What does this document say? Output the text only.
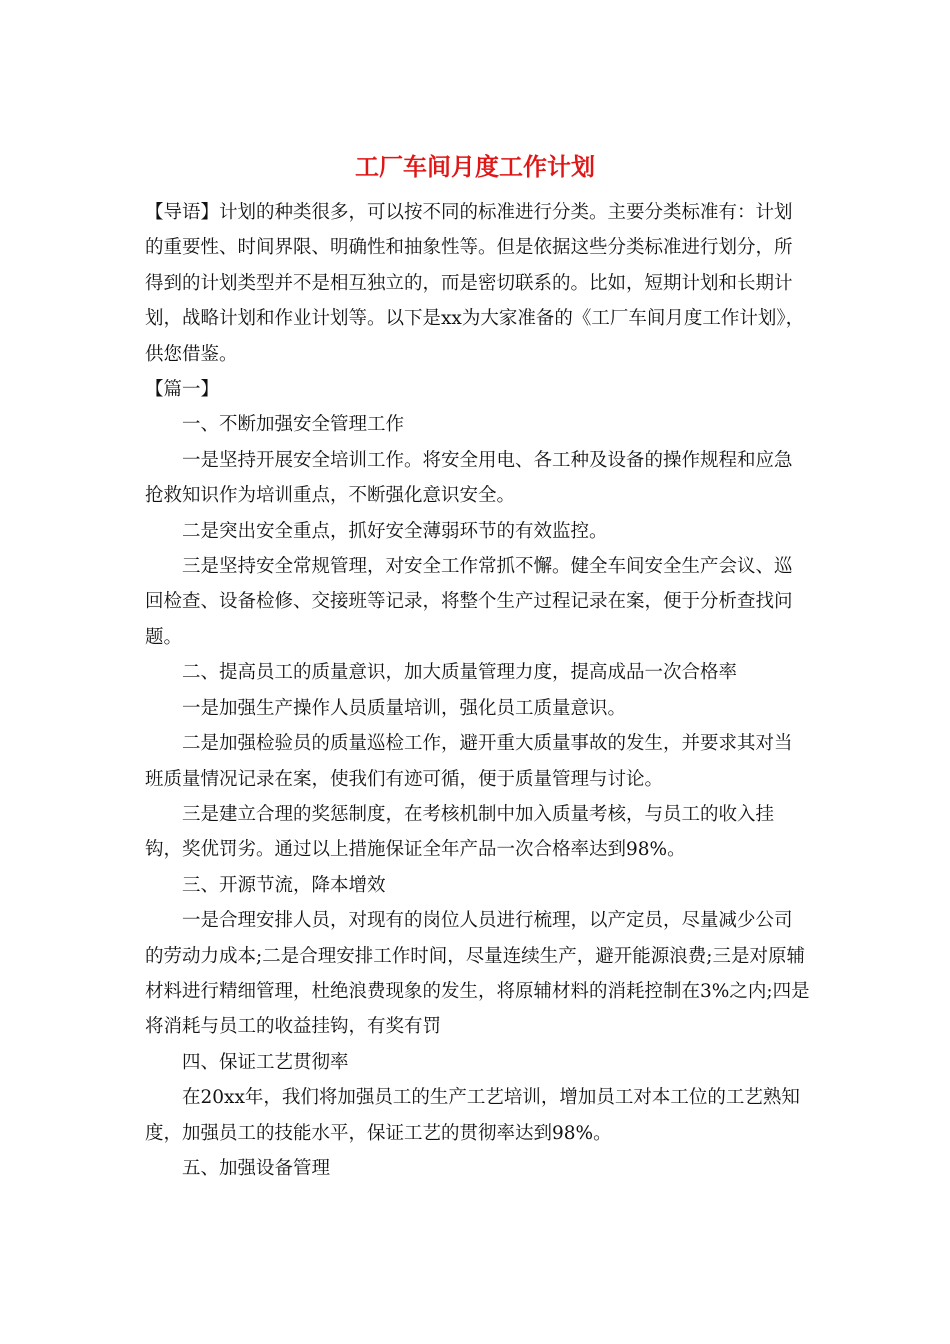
工厂车间月度工作计划

【导语】计划的种类很多，可以按不同的标准进行分类。主要分类标准有：计划的重要性、时间界限、明确性和抽象性等。但是依据这些分类标准进行划分，所得到的计划类型并不是相互独立的，而是密切联系的。比如，短期计划和长期计划，战略计划和作业计划等。以下是xx为大家准备的《工厂车间月度工作计划》，供您借鉴。

【篇一】

一、不断加强安全管理工作

一是坚持开展安全培训工作。将安全用电、各工种及设备的操作规程和应急抢救知识作为培训重点，不断强化意识安全。

二是突出安全重点，抓好安全薄弱环节的有效监控。

三是坚持安全常规管理，对安全工作常抓不懈。健全车间安全生产会议、巡回检查、设备检修、交接班等记录，将整个生产过程记录在案，便于分析查找问题。

二、提高员工的质量意识，加大质量管理力度，提高成品一次合格率

一是加强生产操作人员质量培训，强化员工质量意识。

二是加强检验员的质量巡检工作，避开重大质量事故的发生，并要求其对当班质量情况记录在案，使我们有迹可循，便于质量管理与讨论。

三是建立合理的奖惩制度，在考核机制中加入质量考核，与员工的收入挂钩，奖优罚劣。通过以上措施保证全年产品一次合格率达到98%。

三、开源节流，降本增效

一是合理安排人员，对现有的岗位人员进行梳理，以产定员，尽量减少公司的劳动力成本;二是合理安排工作时间，尽量连续生产，避开能源浪费;三是对原辅材料进行精细管理，杜绝浪费现象的发生，将原辅材料的消耗控制在3%之内;四是将消耗与员工的收益挂钩，有奖有罚

四、保证工艺贯彻率

在20xx年，我们将加强员工的生产工艺培训，增加员工对本工位的工艺熟知度，加强员工的技能水平，保证工艺的贯彻率达到98%。

五、加强设备管理
